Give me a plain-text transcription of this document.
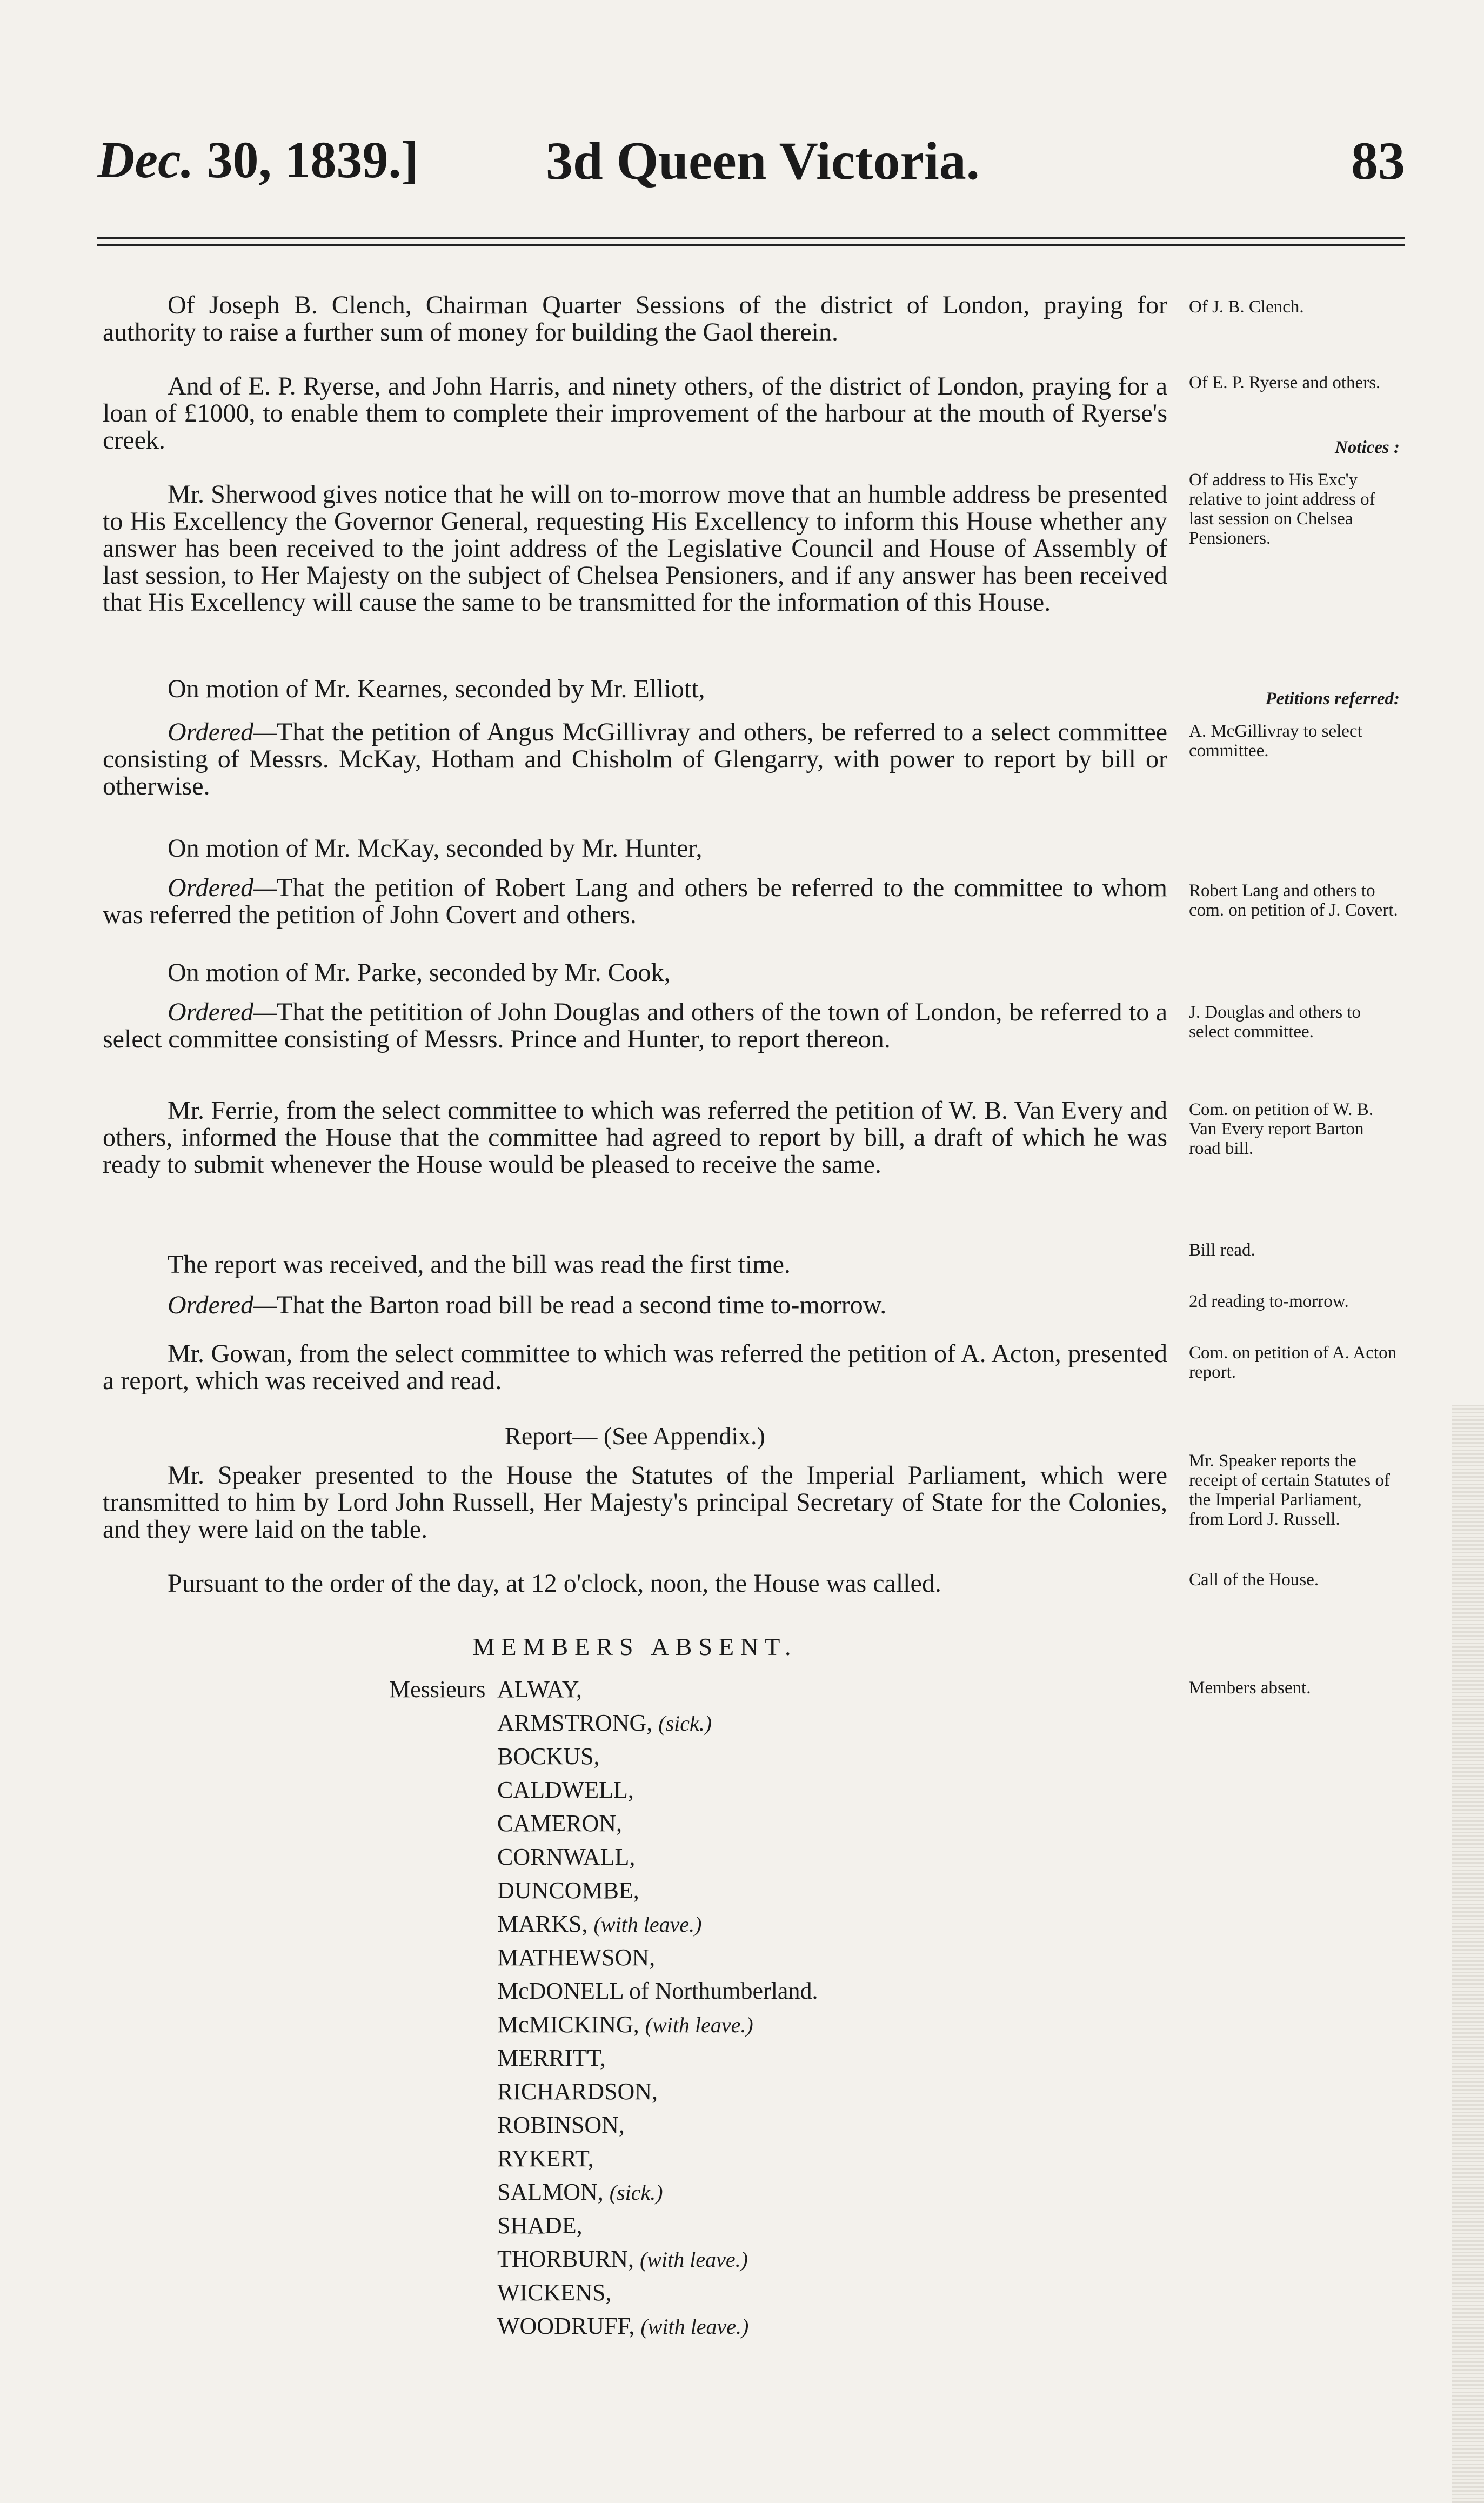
Dec. 30, 1839.] 3d Queen Victoria.	83
Of Joseph B. Clench, Chairman Quarter Sessions of the district of London, praying for authority to raise a further sum of money for building the Gaol therein.
And of E. P. Ryerse, and John Harris, and ninety others, of the district of London, praying for a loan of £1000, to enable them to complete their improvement of the harbour at the mouth of Ryerse's creek.
Mr. Sherwood gives notice that he will on to-morrow move that an humble address be presented to His Excellency the Governor General, requesting His Excellency to inform this House whether any answer has been received to the joint address of the Legislative Council and House of Assembly of last session, to Her Majesty on the subject of Chelsea Pensioners, and if any answer has been received that His Excellency will cause the same to be transmitted for the information of this House.
On motion of Mr. Kearnes, seconded by Mr. Elliott,
Ordered—That the petition of Angus McGillivray and others, be referred to a select committee consisting of Messrs. McKay, Hotham and Chisholm of Glengarry, with power to report by bill or otherwise.
On motion of Mr. McKay, seconded by Mr. Hunter,
Ordered—That the petition of Robert Lang and others be referred to the committee to whom was referred the petition of John Covert and others.
On motion of Mr. Parke, seconded by Mr. Cook,
Ordered—That the petitition of John Douglas and others of the town of London, be referred to a select committee consisting of Messrs. Prince and Hunter, to report thereon.
Mr. Ferrie, from the select committee to which was referred the petition of W. B. Van Every and others, informed the House that the committee had agreed to report by bill, a draft of which he was ready to submit whenever the House would be pleased to receive the same.
The report was received, and the bill was read the first time.
Ordered—That the Barton road bill be read a second time to-morrow.
Mr. Gowan, from the select committee to which was referred the petition of A. Acton, presented a report, which was received and read.
Report— (See Appendix.)
Mr. Speaker presented to the House the Statutes of the Imperial Parliament, which were transmitted to him by Lord John Russell, Her Majesty's principal Secretary of State for the Colonies, and they were laid on the table.
Pursuant to the order of the day, at 12 o'clock, noon, the House was called.
Of J. B. Clench.
Of E. P. Ryerse and others.
Notices :
Of address to His Exc'y relative to joint address of last session on Chelsea Pensioners.
Petitions referred:
A. McGillivray to select committee.
Robert Lang and others to com. on petition of J. Covert.
J. Douglas and others to select committee.
Com. on petition of W. B. Van Every report Barton road bill.
Bill read.
2d reading to-morrow.
Com. on petition of A. Acton report.
Mr. Speaker reports the receipt of certain Statutes of the Imperial Parliament, from Lord J. Russell.
Call of the House.
Members absent.
MEMBERS ABSENT.
Messieurs ALWAY,
ARMSTRONG, (sick.)
BOCKUS,
CALDWELL,
CAMERON,
CORNWALL,
DUNCOMBE,
MARKS, (with leave.)
MATHEWSON,
McDONELL of Northumberland.
McMICKING, (with leave.)
MERRITT,
RICHARDSON,
ROBINSON,
RYKERT,
SALMON, (sick.)
SHADE,
THORBURN, (with leave.)
WICKENS,
WOODRUFF, (with leave.)
